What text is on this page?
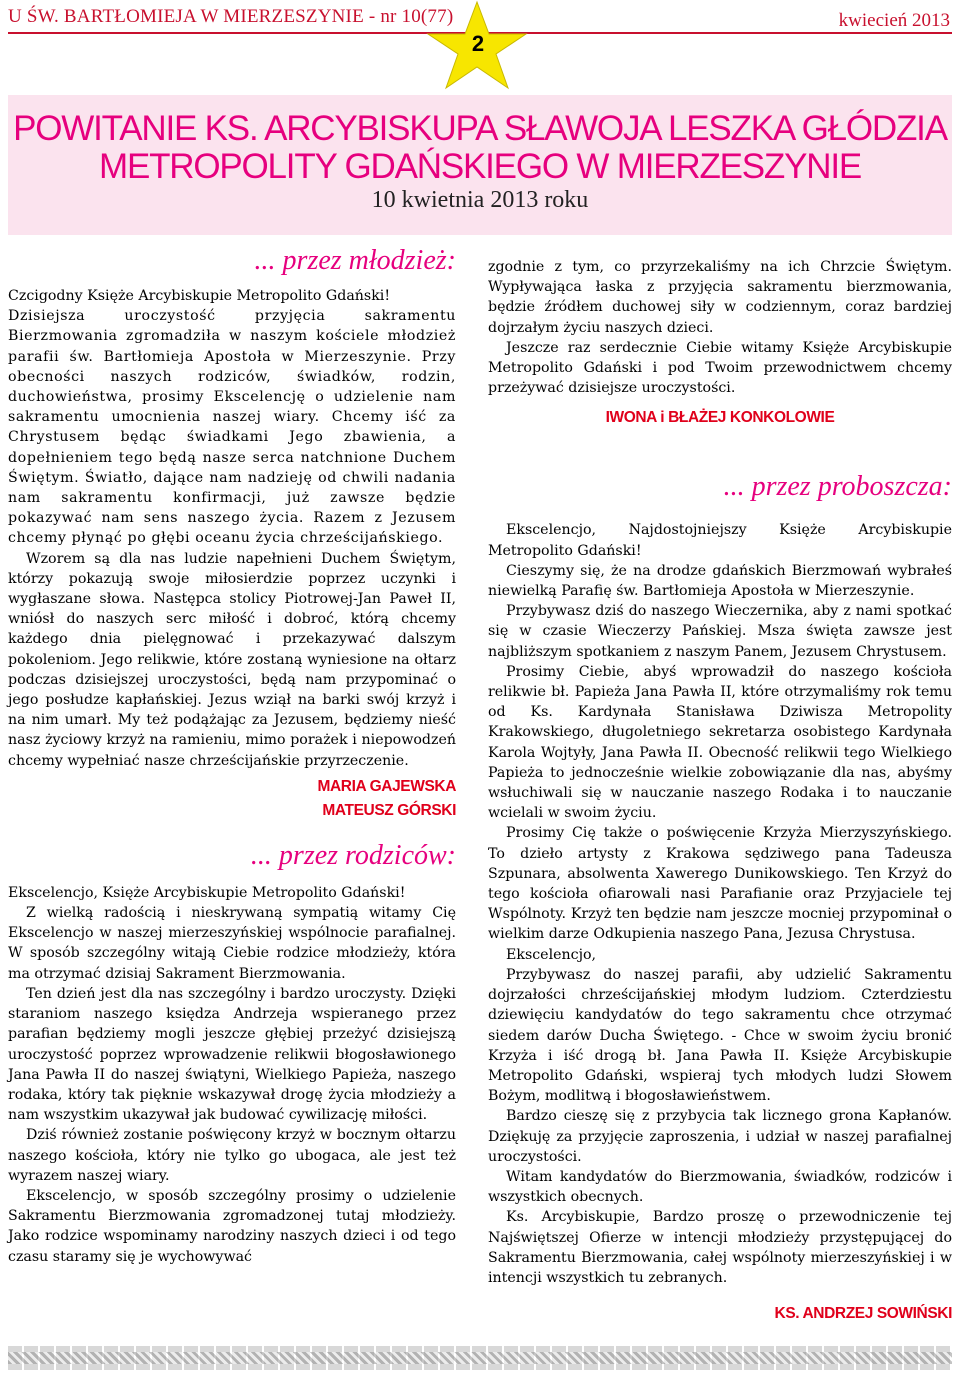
U ŚW. BARTŁOMIEJA W MIERZESZYNIE - nr 10(77)	kwiecień 2013
2
POWITANIE KS. ARCYBISKUPA SŁAWOJA LESZKA GŁÓDZIA
METROPOLITY GDAŃSKIEGO W MIERZESZYNIE
10 kwietnia 2013 roku
... przez młodzież:

Czcigodny Księże Arcybiskupie Metropolito Gdański!

Dzisiejsza uroczystość przyjęcia sakramentu Bierzmowania zgromadziła w naszym kościele młodzież parafii św. Bartłomieja Apostoła w Mierzeszynie. Przy obecności naszych rodziców, świadków, rodzin, duchowieństwa, prosimy Ekscelencję o udzielenie nam sakramentu umocnienia naszej wiary. Chcemy iść za Chrystusem będąc świadkami Jego zbawienia, a dopełnieniem tego będą nasze serca natchnione Duchem Świętym. Światło, dające nam nadzieję od chwili nadania nam sakramentu konfirmacji, już zawsze będzie pokazywać nam sens naszego życia. Razem z Jezusem chcemy płynąć po głębi oceanu życia chrześcijańskiego.

Wzorem są dla nas ludzie napełnieni Duchem Świętym, którzy pokazują swoje miłosierdzie poprzez uczynki i wygłaszane słowa. Następca stolicy Piotrowej-Jan Paweł II, wniósł do naszych serc miłość i dobroć, którą chcemy każdego dnia pielęgnować i przekazywać dalszym pokoleniom. Jego relikwie, które zostaną wyniesione na ołtarz podczas dzisiejszej uroczystości, będą nam przypominać o jego posłudze kapłańskiej. Jezus wziął na barki swój krzyż i na nim umarł. My też podążając za Jezusem, będziemy nieść nasz życiowy krzyż na ramieniu, mimo porażek i niepowodzeń chcemy wypełniać nasze chrześcijańskie przyrzeczenie.

MARIA GAJEWSKA
MATEUSZ GÓRSKI
... przez rodziców:

Ekscelencjo, Księże Arcybiskupie Metropolito Gdański!

Z wielką radością i nieskrywaną sympatią witamy Cię Ekscelencjo w naszej mierzeszyńskiej wspólnocie parafialnej. W sposób szczególny witają Ciebie rodzice młodzieży, która ma otrzymać dzisiaj Sakrament Bierzmowania.

Ten dzień jest dla nas szczególny i bardzo uroczysty. Dzięki staraniom naszego księdza Andrzeja wspieranego przez parafian będziemy mogli jeszcze głębiej przeżyć dzisiejszą uroczystość poprzez wprowadzenie relikwii błogosławionego Jana Pawła II do naszej świątyni, Wielkiego Papieża, naszego rodaka, który tak pięknie wskazywał drogę życia młodzieży a nam wszystkim ukazywał jak budować cywilizację miłości.

Dziś również zostanie poświęcony krzyż w bocznym ołtarzu naszego kościoła, który nie tylko go ubogaca, ale jest też wyrazem naszej wiary.

Ekscelencjo, w sposób szczególny prosimy o udzielenie Sakramentu Bierzmowania zgromadzonej tutaj młodzieży. Jako rodzice wspominamy narodziny naszych dzieci i od tego czasu staramy się je wychowywać

zgodnie z tym, co przyrzekaliśmy na ich Chrzcie Świętym. Wypływająca łaska z przyjęcia sakramentu bierzmowania, będzie źródłem duchowej siły w codziennym, coraz bardziej dojrzałym życiu naszych dzieci.

Jeszcze raz serdecznie Ciebie witamy Księże Arcybiskupie Metropolito Gdański i pod Twoim przewodnictwem chcemy przeżywać dzisiejsze uroczystości.

IWONA i BŁAŻEJ KONKOLOWIE
... przez proboszcza:

Ekscelencjo, Najdostojniejszy Księże Arcybiskupie Metropolito Gdański!

Cieszymy się, że na drodze gdańskich Bierzmowań wybrałeś niewielką Parafię św. Bartłomieja Apostoła w Mierzeszynie.

Przybywasz dziś do naszego Wieczernika, aby z nami spotkać się w czasie Wieczerzy Pańskiej. Msza święta zawsze jest najbliższym spotkaniem z naszym Panem, Jezusem Chrystusem.

Prosimy Ciebie, abyś wprowadził do naszego kościoła relikwie bł. Papieża Jana Pawła II, które otrzymaliśmy rok temu od Ks. Kardynała Stanisława Dziwisza Metropolity Krakowskiego, długoletniego sekretarza osobistego Kardynała Karola Wojtyły, Jana Pawła II. Obecność relikwii tego Wielkiego Papieża to jednocześnie wielkie zobowiązanie dla nas, abyśmy wsłuchiwali się w nauczanie naszego Rodaka i to nauczanie wcielali w swoim życiu.

Prosimy Cię także o poświęcenie Krzyża Mierzyszyńskiego. To dzieło artysty z Krakowa sędziwego pana Tadeusza Szpunara, absolwenta Xawerego Dunikowskiego. Ten Krzyż do tego kościoła ofiarowali nasi Parafianie oraz Przyjaciele tej Wspólnoty. Krzyż ten będzie nam jeszcze mocniej przypominał o wielkim darze Odkupienia naszego Pana, Jezusa Chrystusa.

Ekscelencjo,

Przybywasz do naszej parafii, aby udzielić Sakramentu dojrzałości chrześcijańskiej młodym ludziom. Czterdziestu dziewięciu kandydatów do tego sakramentu chce otrzymać siedem darów Ducha Świętego. - Chce w swoim życiu bronić Krzyża i iść drogą bł. Jana Pawła II. Księże Arcybiskupie Metropolito Gdański, wspieraj tych młodych ludzi Słowem Bożym, modlitwą i błogosławieństwem.

Bardzo cieszę się z przybycia tak licznego grona Kapłanów. Dziękuję za przyjęcie zaproszenia, i udział w naszej parafialnej uroczystości.

Witam kandydatów do Bierzmowania, świadków, rodziców i wszystkich obecnych.

Ks. Arcybiskupie, Bardzo proszę o przewodniczenie tej Najświętszej Ofierze w intencji młodzieży przystępującej do Sakramentu Bierzmowania, całej wspólnoty mierzeszyńskiej i w intencji wszystkich tu zebranych.

KS. ANDRZEJ SOWIŃSKI
